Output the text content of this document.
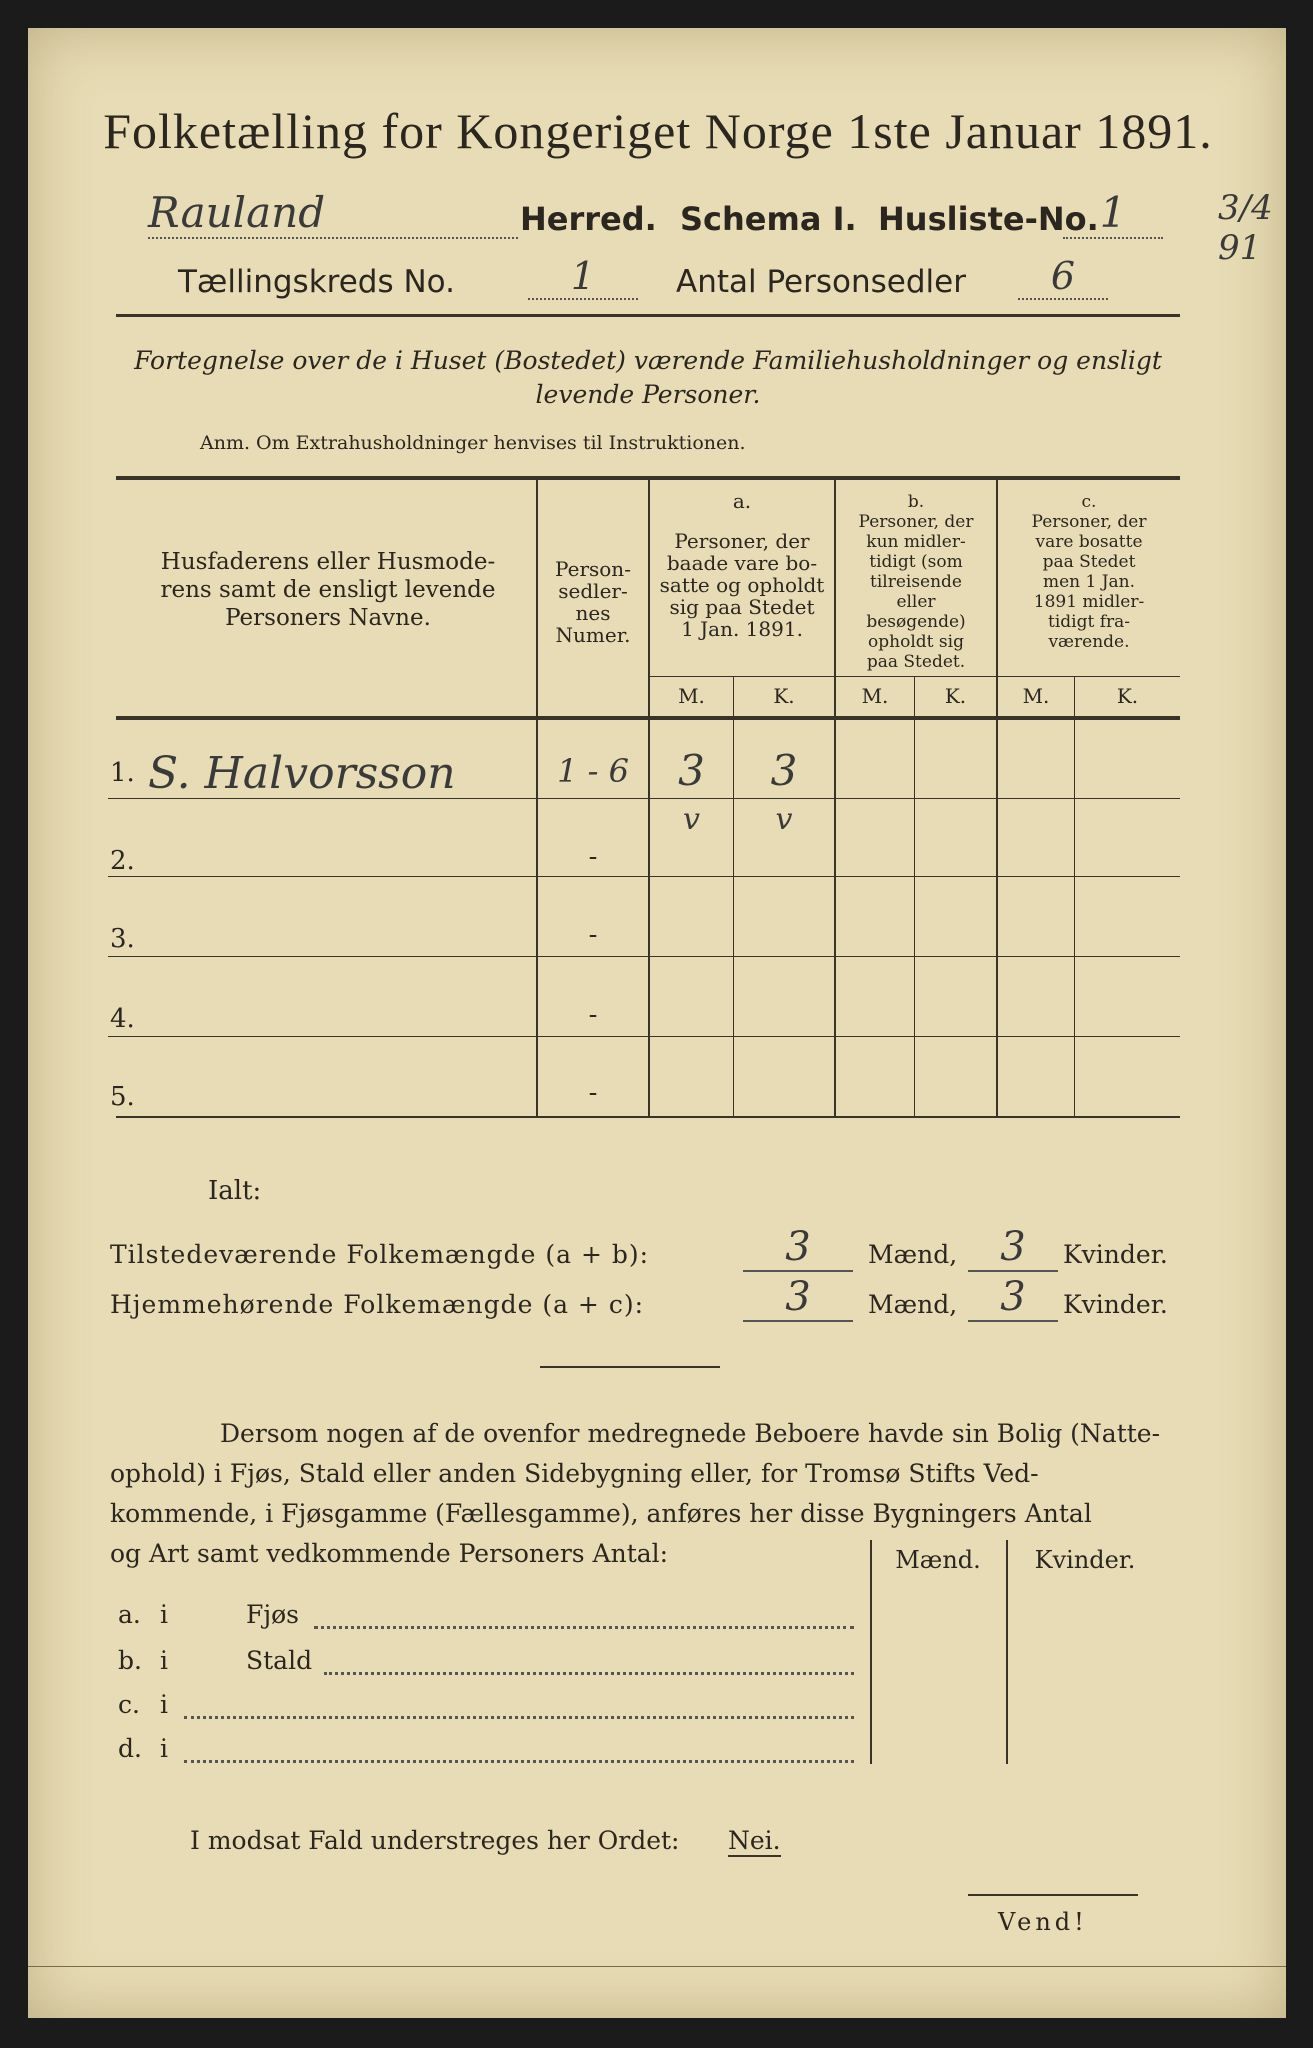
Folketælling for Kongeriget Norge 1ste Januar 1891.
Rauland	Herred. Schema I. Husliste-No. 1	3/4 91
Tællingskreds No.	1	Antal Personsedler	6
Fortegnelse over de i Huset (Bostedet) værende Familiehusholdninger og ensligt
levende Personer.
Anm. Om Extrahusholdninger henvises til Instruktionen.
Husfaderens eller Husmode-
rens samt de ensligt levende
Personers Navne.
Person-
sedler-
nes
Numer.
a.
Personer, der
baade vare bo-
satte og opholdt
sig paa Stedet
1 Jan. 1891.
b.
Personer, der
kun midler-
tidigt (som
tilreisende
eller
besøgende)
opholdt sig
paa Stedet.
c.
Personer, der
vare bosatte
paa Stedet
men 1 Jan.
1891 midler-
tidigt fra-
værende.
M.	K.	M.	K.	M.	K.
1. S. Halvorsson	1 - 6	3	3
v	v
2.	-
3.	-
4.	-
5.	-
Ialt:
Tilstedeværende Folkemængde (a + b):	3	Mænd,	3	Kvinder.
Hjemmehørende Folkemængde (a + c):	3	Mænd,	3	Kvinder.
Dersom nogen af de ovenfor medregnede Beboere havde sin Bolig (Natte-
ophold) i Fjøs, Stald eller anden Sidebygning eller, for Tromsø Stifts Ved-
kommende, i Fjøsgamme (Fællesgamme), anføres her disse Bygningers Antal
og Art samt vedkommende Personers Antal:	Mænd.	Kvinder.
a. i	Fjøs
b. i	Stald
c. i
d. i
I modsat Fald understreges her Ordet: Nei.
Vend!
